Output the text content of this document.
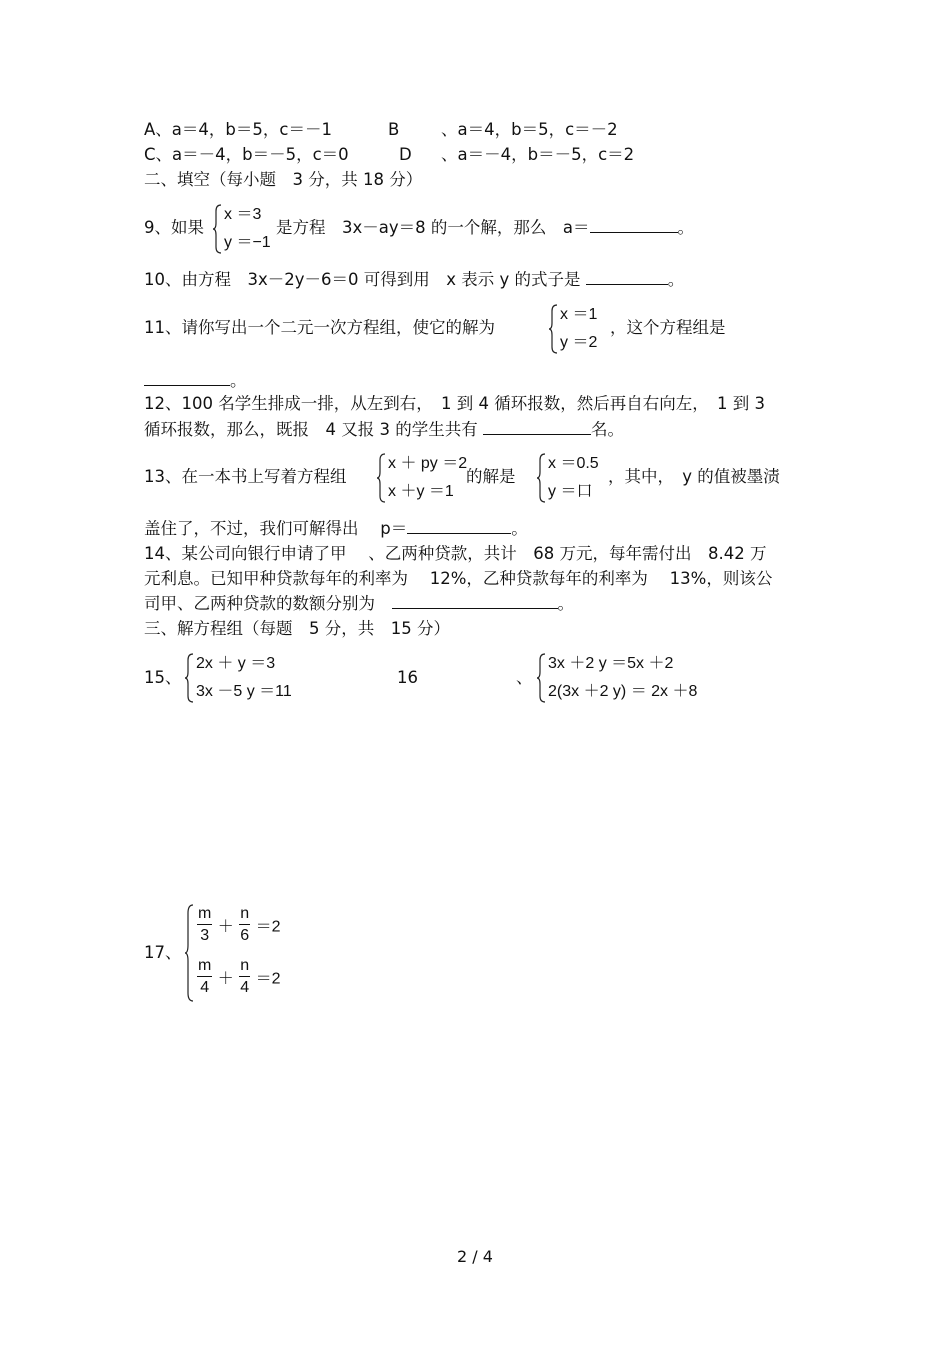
A、a＝4，b＝5，c＝－1	B	、a＝4，b＝5，c＝－2
C、a＝－4，b＝－5，c＝0	D 、a＝－4，b＝－5，c＝2
二、填空（每小题　3 分，共 18 分）
9、如果
x ＝3
y ＝−1
是方程　3x－ay＝8 的一个解，那么　a＝	。
10、由方程　3x－2y－6＝0 可得到用　x 表示 y 的式子是	。
11、请你写出一个二元一次方程组，使它的解为
x ＝1
y ＝2
，这个方程组是
。
12、100 名学生排成一排，从左到右，　1 到 4 循环报数，然后再自右向左，　1 到 3
循环报数，那么，既报　4 又报 3 的学生共有	名。
13、在一本书上写着方程组
x ＋ py ＝2
x ＋y ＝1
的解是
x ＝0.5
y ＝口
，其中，　y 的值被墨渍
盖住了，不过，我们可解得出　 p＝	。
14、某公司向银行申请了甲　 、乙两种贷款，共计　68 万元，每年需付出　8.42 万
元利息。已知甲种贷款每年的利率为　 12%，乙种贷款每年的利率为　 13%，则该公
司甲、乙两种贷款的数额分别为　	。
三、解方程组（每题　5 分，共　15 分）
15、
2x ＋ y ＝3
3x －5 y ＝11
16	、
3x ＋2 y ＝5x ＋2
2(3x ＋2 y) ＝ 2x ＋8
17、
$\frac{m}{3} + \frac{n}{6} =2$
$\frac{m}{4} + \frac{n}{4} =2$
2 / 4
